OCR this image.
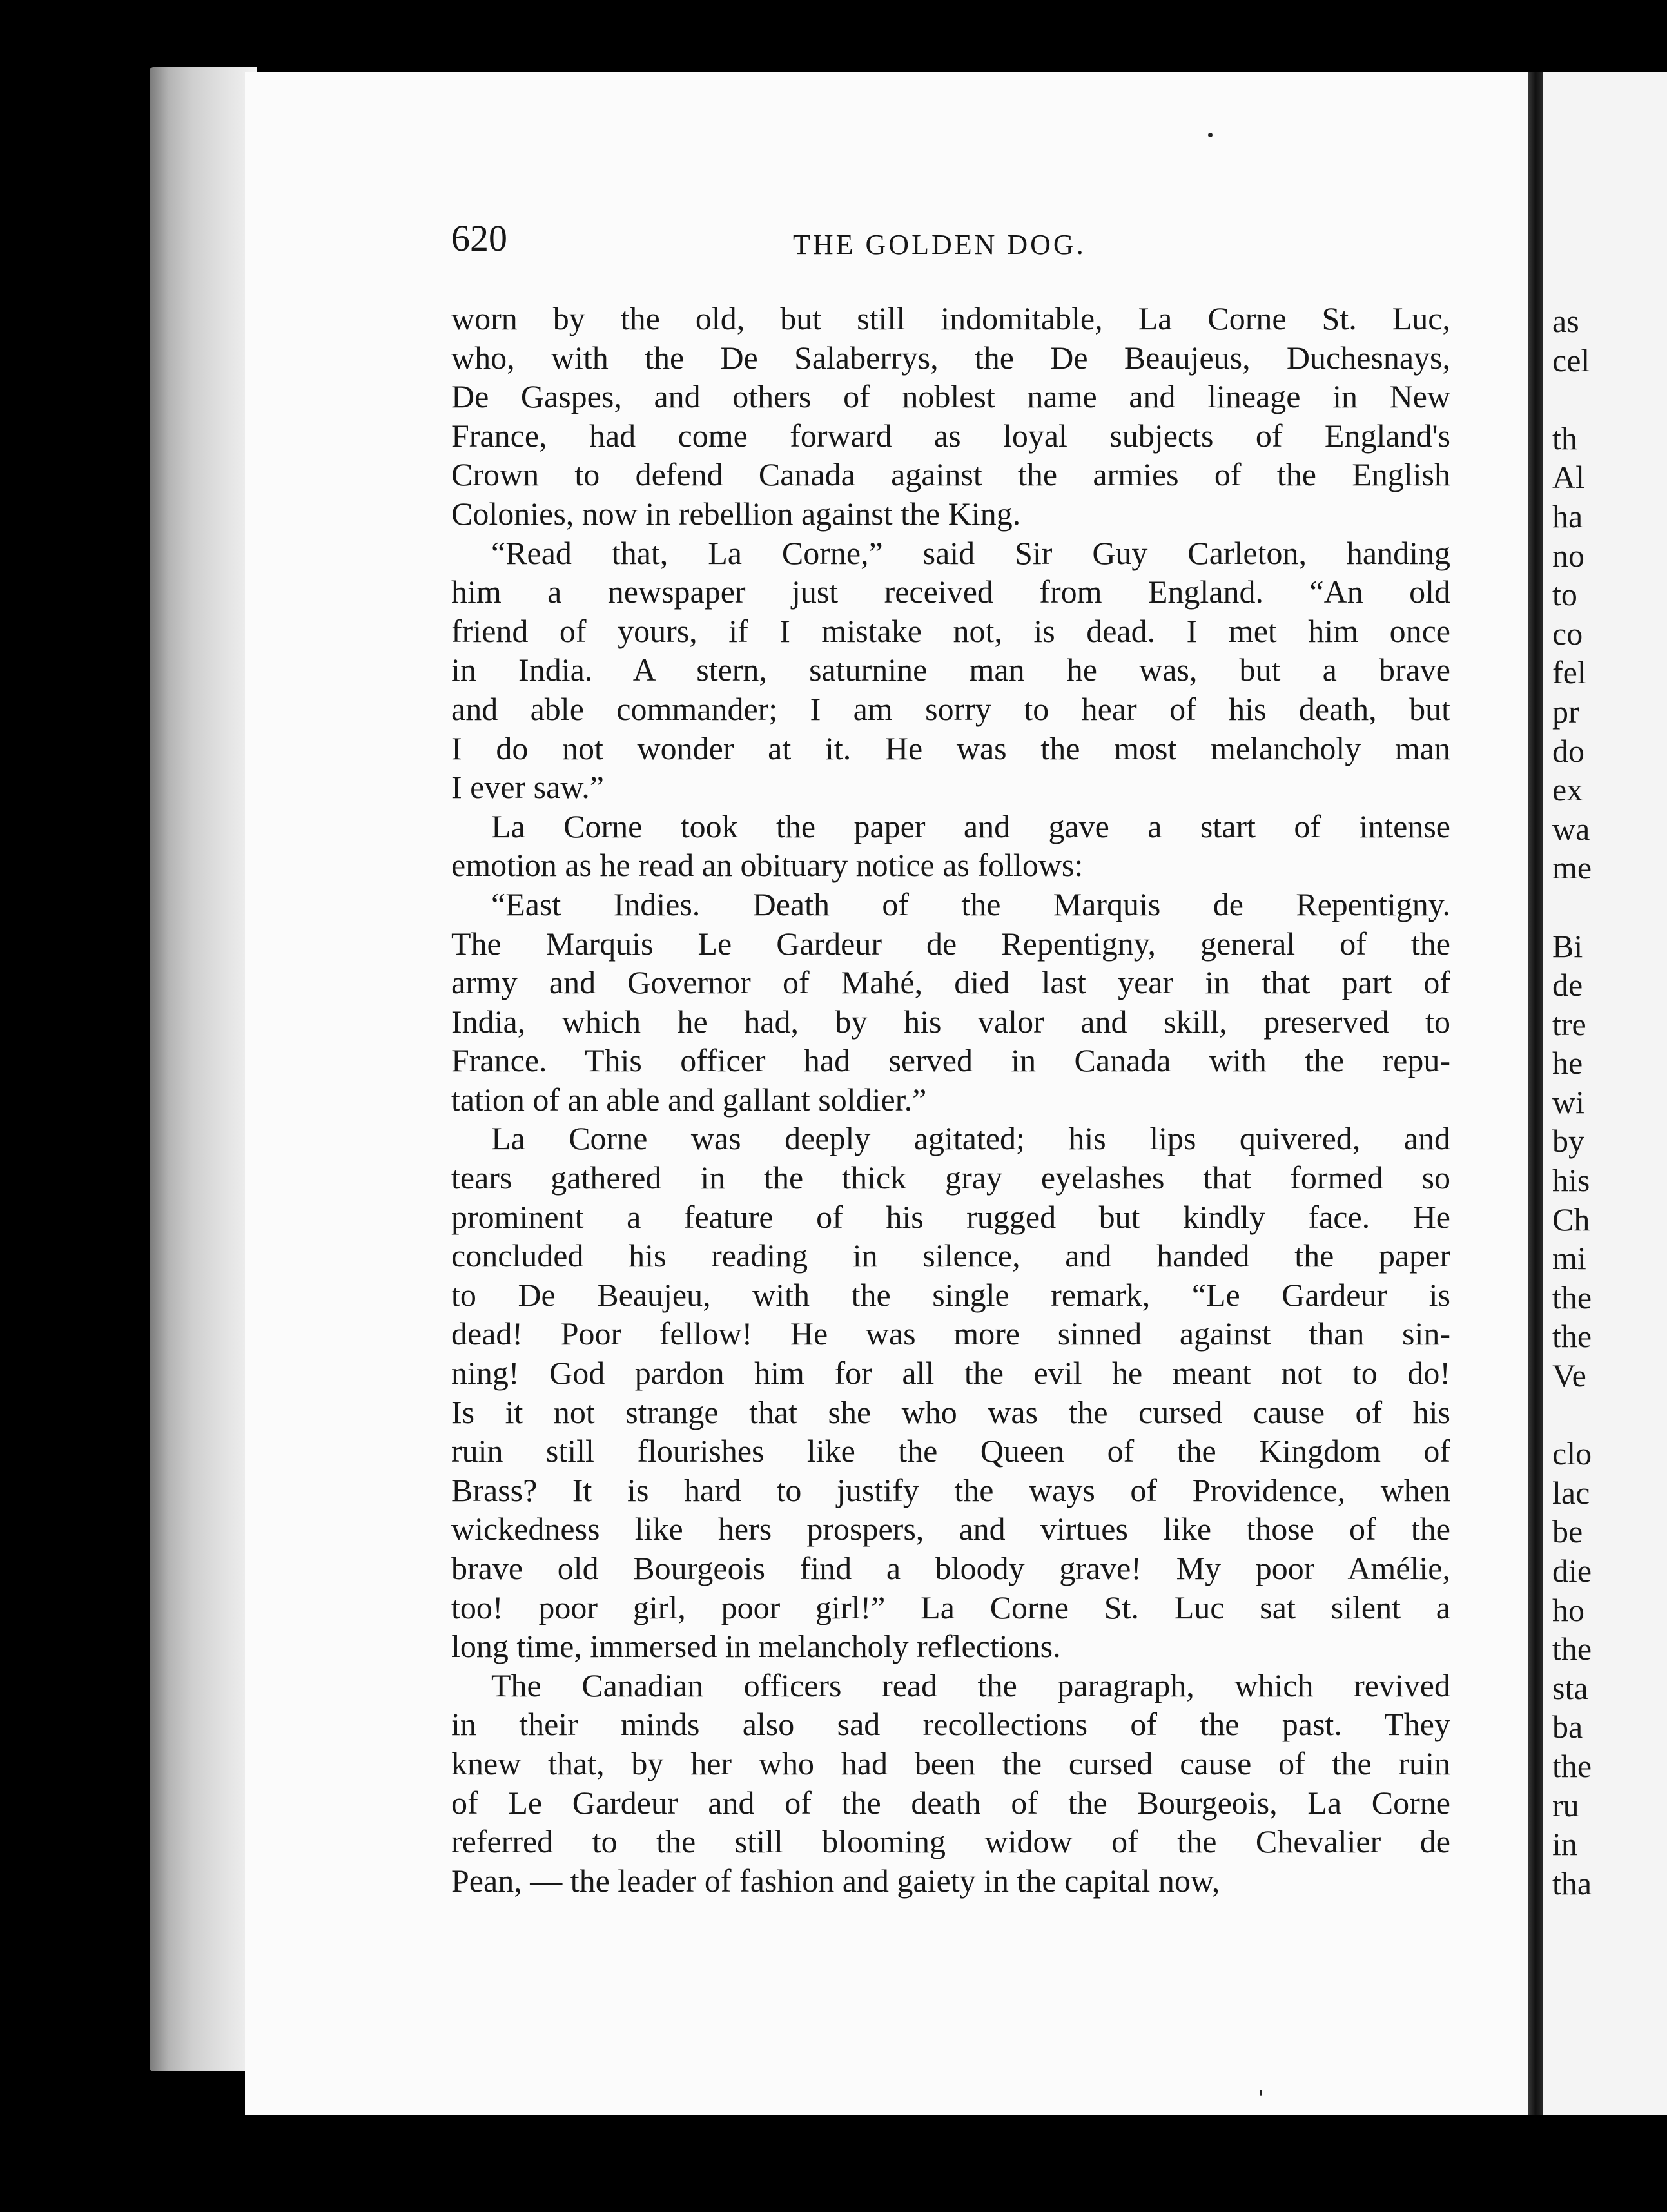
as
cel
th
Al
ha
no
to
co
fel
pr
do
ex
wa
me
Bi
de
tre
he
wi
by
his
Ch
mi
the
the
Ve
clo
lac
be
die
ho
the
sta
ba
the
ru
in
tha
620	THE GOLDEN DOG.
worn by the old, but still indomitable, La Corne St. Luc,
who, with the De Salaberrys, the De Beaujeus, Duchesnays,
De Gaspes, and others of noblest name and lineage in New
France, had come forward as loyal subjects of England's
Crown to defend Canada against the armies of the English
Colonies, now in rebellion against the King.
“Read that, La Corne,” said Sir Guy Carleton, handing
him a newspaper just received from England. “An old
friend of yours, if I mistake not, is dead. I met him once
in India. A stern, saturnine man he was, but a brave
and able commander; I am sorry to hear of his death, but
I do not wonder at it. He was the most melancholy man
I ever saw.”
La Corne took the paper and gave a start of intense
emotion as he read an obituary notice as follows:
“East Indies. Death of the Marquis de Repentigny.
The Marquis Le Gardeur de Repentigny, general of the
army and Governor of Mahé, died last year in that part of
India, which he had, by his valor and skill, preserved to
France. This officer had served in Canada with the repu-
tation of an able and gallant soldier.”
La Corne was deeply agitated; his lips quivered, and
tears gathered in the thick gray eyelashes that formed so
prominent a feature of his rugged but kindly face. He
concluded his reading in silence, and handed the paper
to De Beaujeu, with the single remark, “Le Gardeur is
dead! Poor fellow! He was more sinned against than sin-
ning! God pardon him for all the evil he meant not to do!
Is it not strange that she who was the cursed cause of his
ruin still flourishes like the Queen of the Kingdom of
Brass? It is hard to justify the ways of Providence, when
wickedness like hers prospers, and virtues like those of the
brave old Bourgeois find a bloody grave! My poor Amélie,
too! poor girl, poor girl!” La Corne St. Luc sat silent a
long time, immersed in melancholy reflections.
The Canadian officers read the paragraph, which revived
in their minds also sad recollections of the past. They
knew that, by her who had been the cursed cause of the ruin
of Le Gardeur and of the death of the Bourgeois, La Corne
referred to the still blooming widow of the Chevalier de
Pean, — the leader of fashion and gaiety in the capital now,
